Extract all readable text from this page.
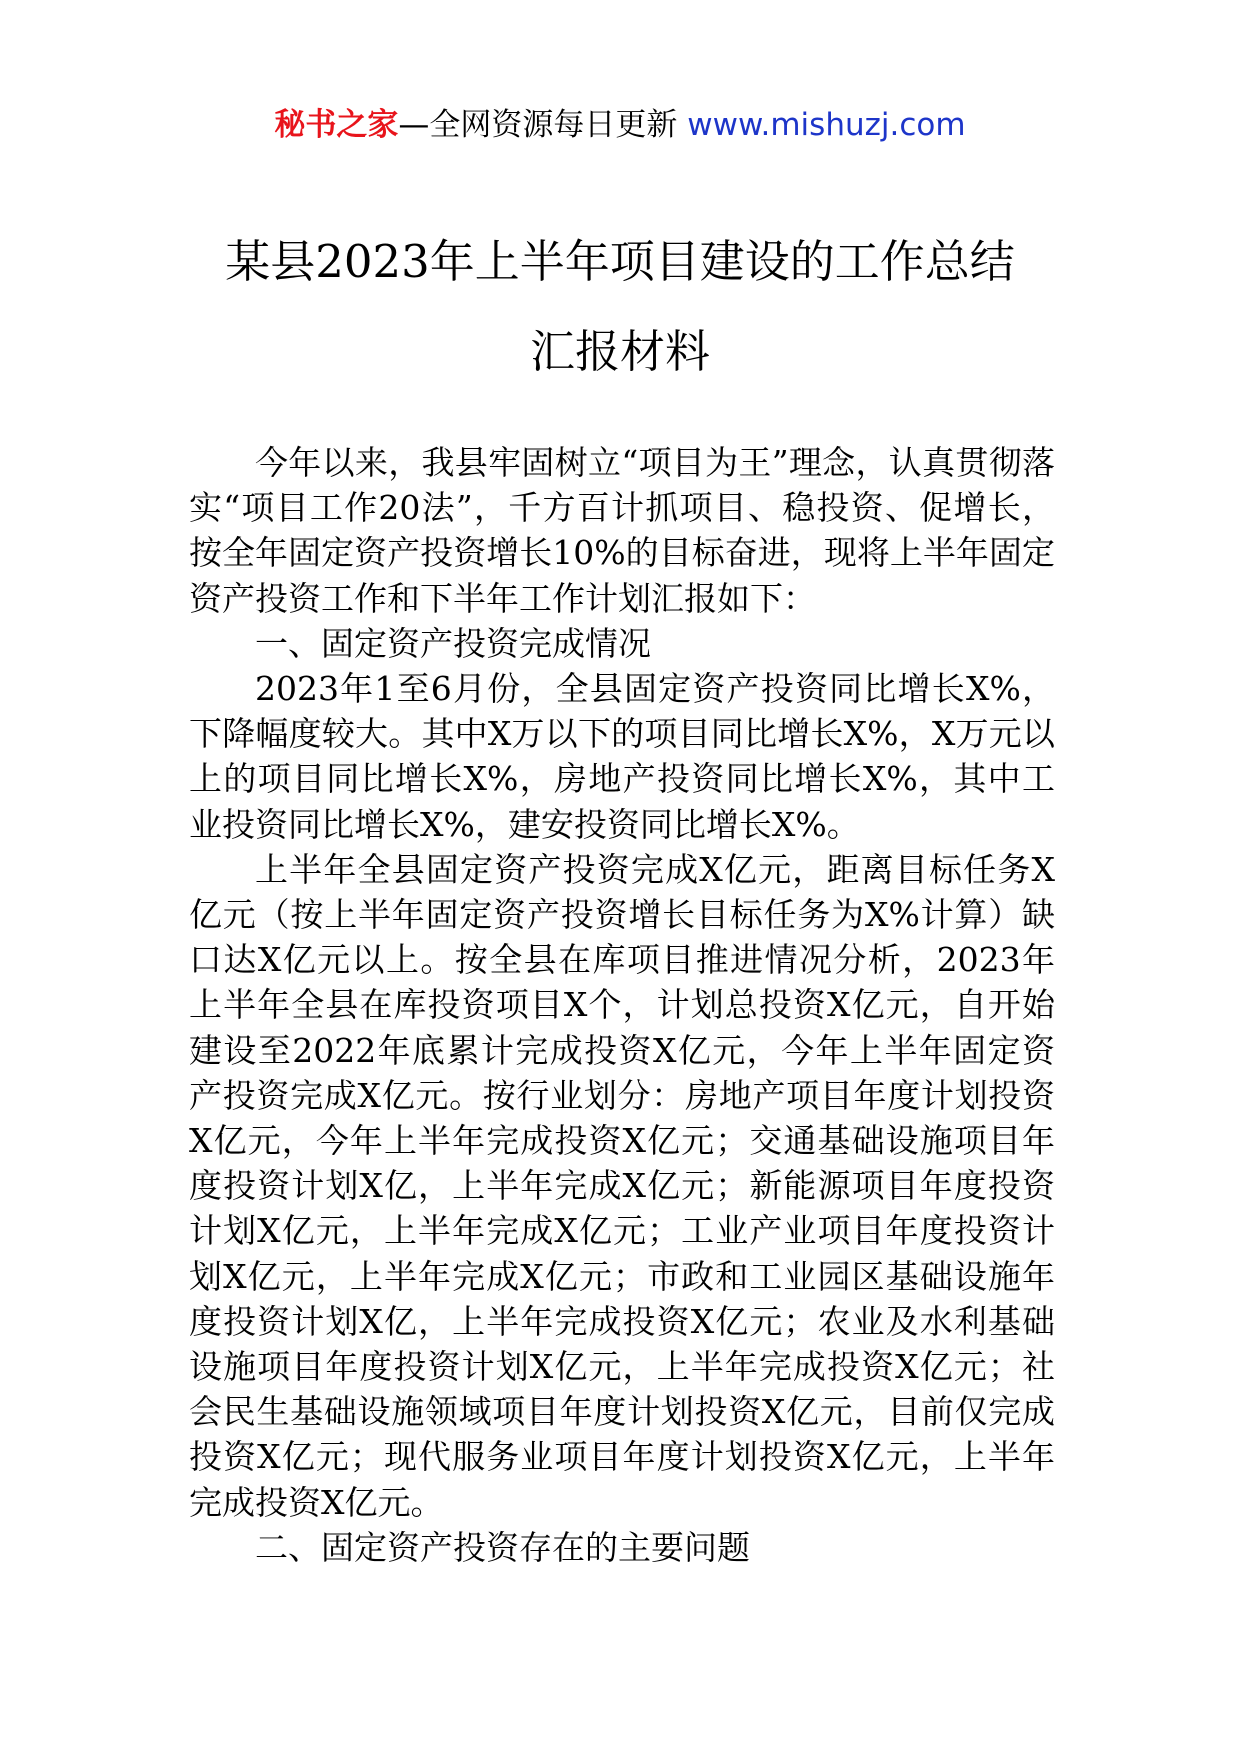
秘书之家—全网资源每日更新 www.mishuzj.com
某县2023年上半年项目建设的工作总结
汇报材料

今年以来，我县牢固树立“项目为王”理念，认真贯彻落实“项目工作20法”，千方百计抓项目、稳投资、促增长，按全年固定资产投资增长10%的目标奋进，现将上半年固定资产投资工作和下半年工作计划汇报如下：

一、固定资产投资完成情况

2023年1至6月份，全县固定资产投资同比增长X%，下降幅度较大。其中X万以下的项目同比增长X%，X万元以上的项目同比增长X%，房地产投资同比增长X%，其中工业投资同比增长X%，建安投资同比增长X%。

上半年全县固定资产投资完成X亿元，距离目标任务X亿元（按上半年固定资产投资增长目标任务为X%计算）缺口达X亿元以上。按全县在库项目推进情况分析，2023年上半年全县在库投资项目X个，计划总投资X亿元，自开始建设至2022年底累计完成投资X亿元，今年上半年固定资产投资完成X亿元。按行业划分：房地产项目年度计划投资X亿元，今年上半年完成投资X亿元；交通基础设施项目年度投资计划X亿，上半年完成X亿元；新能源项目年度投资计划X亿元，上半年完成X亿元；工业产业项目年度投资计划X亿元，上半年完成X亿元；市政和工业园区基础设施年度投资计划X亿，上半年完成投资X亿元；农业及水利基础设施项目年度投资计划X亿元，上半年完成投资X亿元；社会民生基础设施领域项目年度计划投资X亿元，目前仅完成投资X亿元；现代服务业项目年度计划投资X亿元，上半年完成投资X亿元。

二、固定资产投资存在的主要问题
